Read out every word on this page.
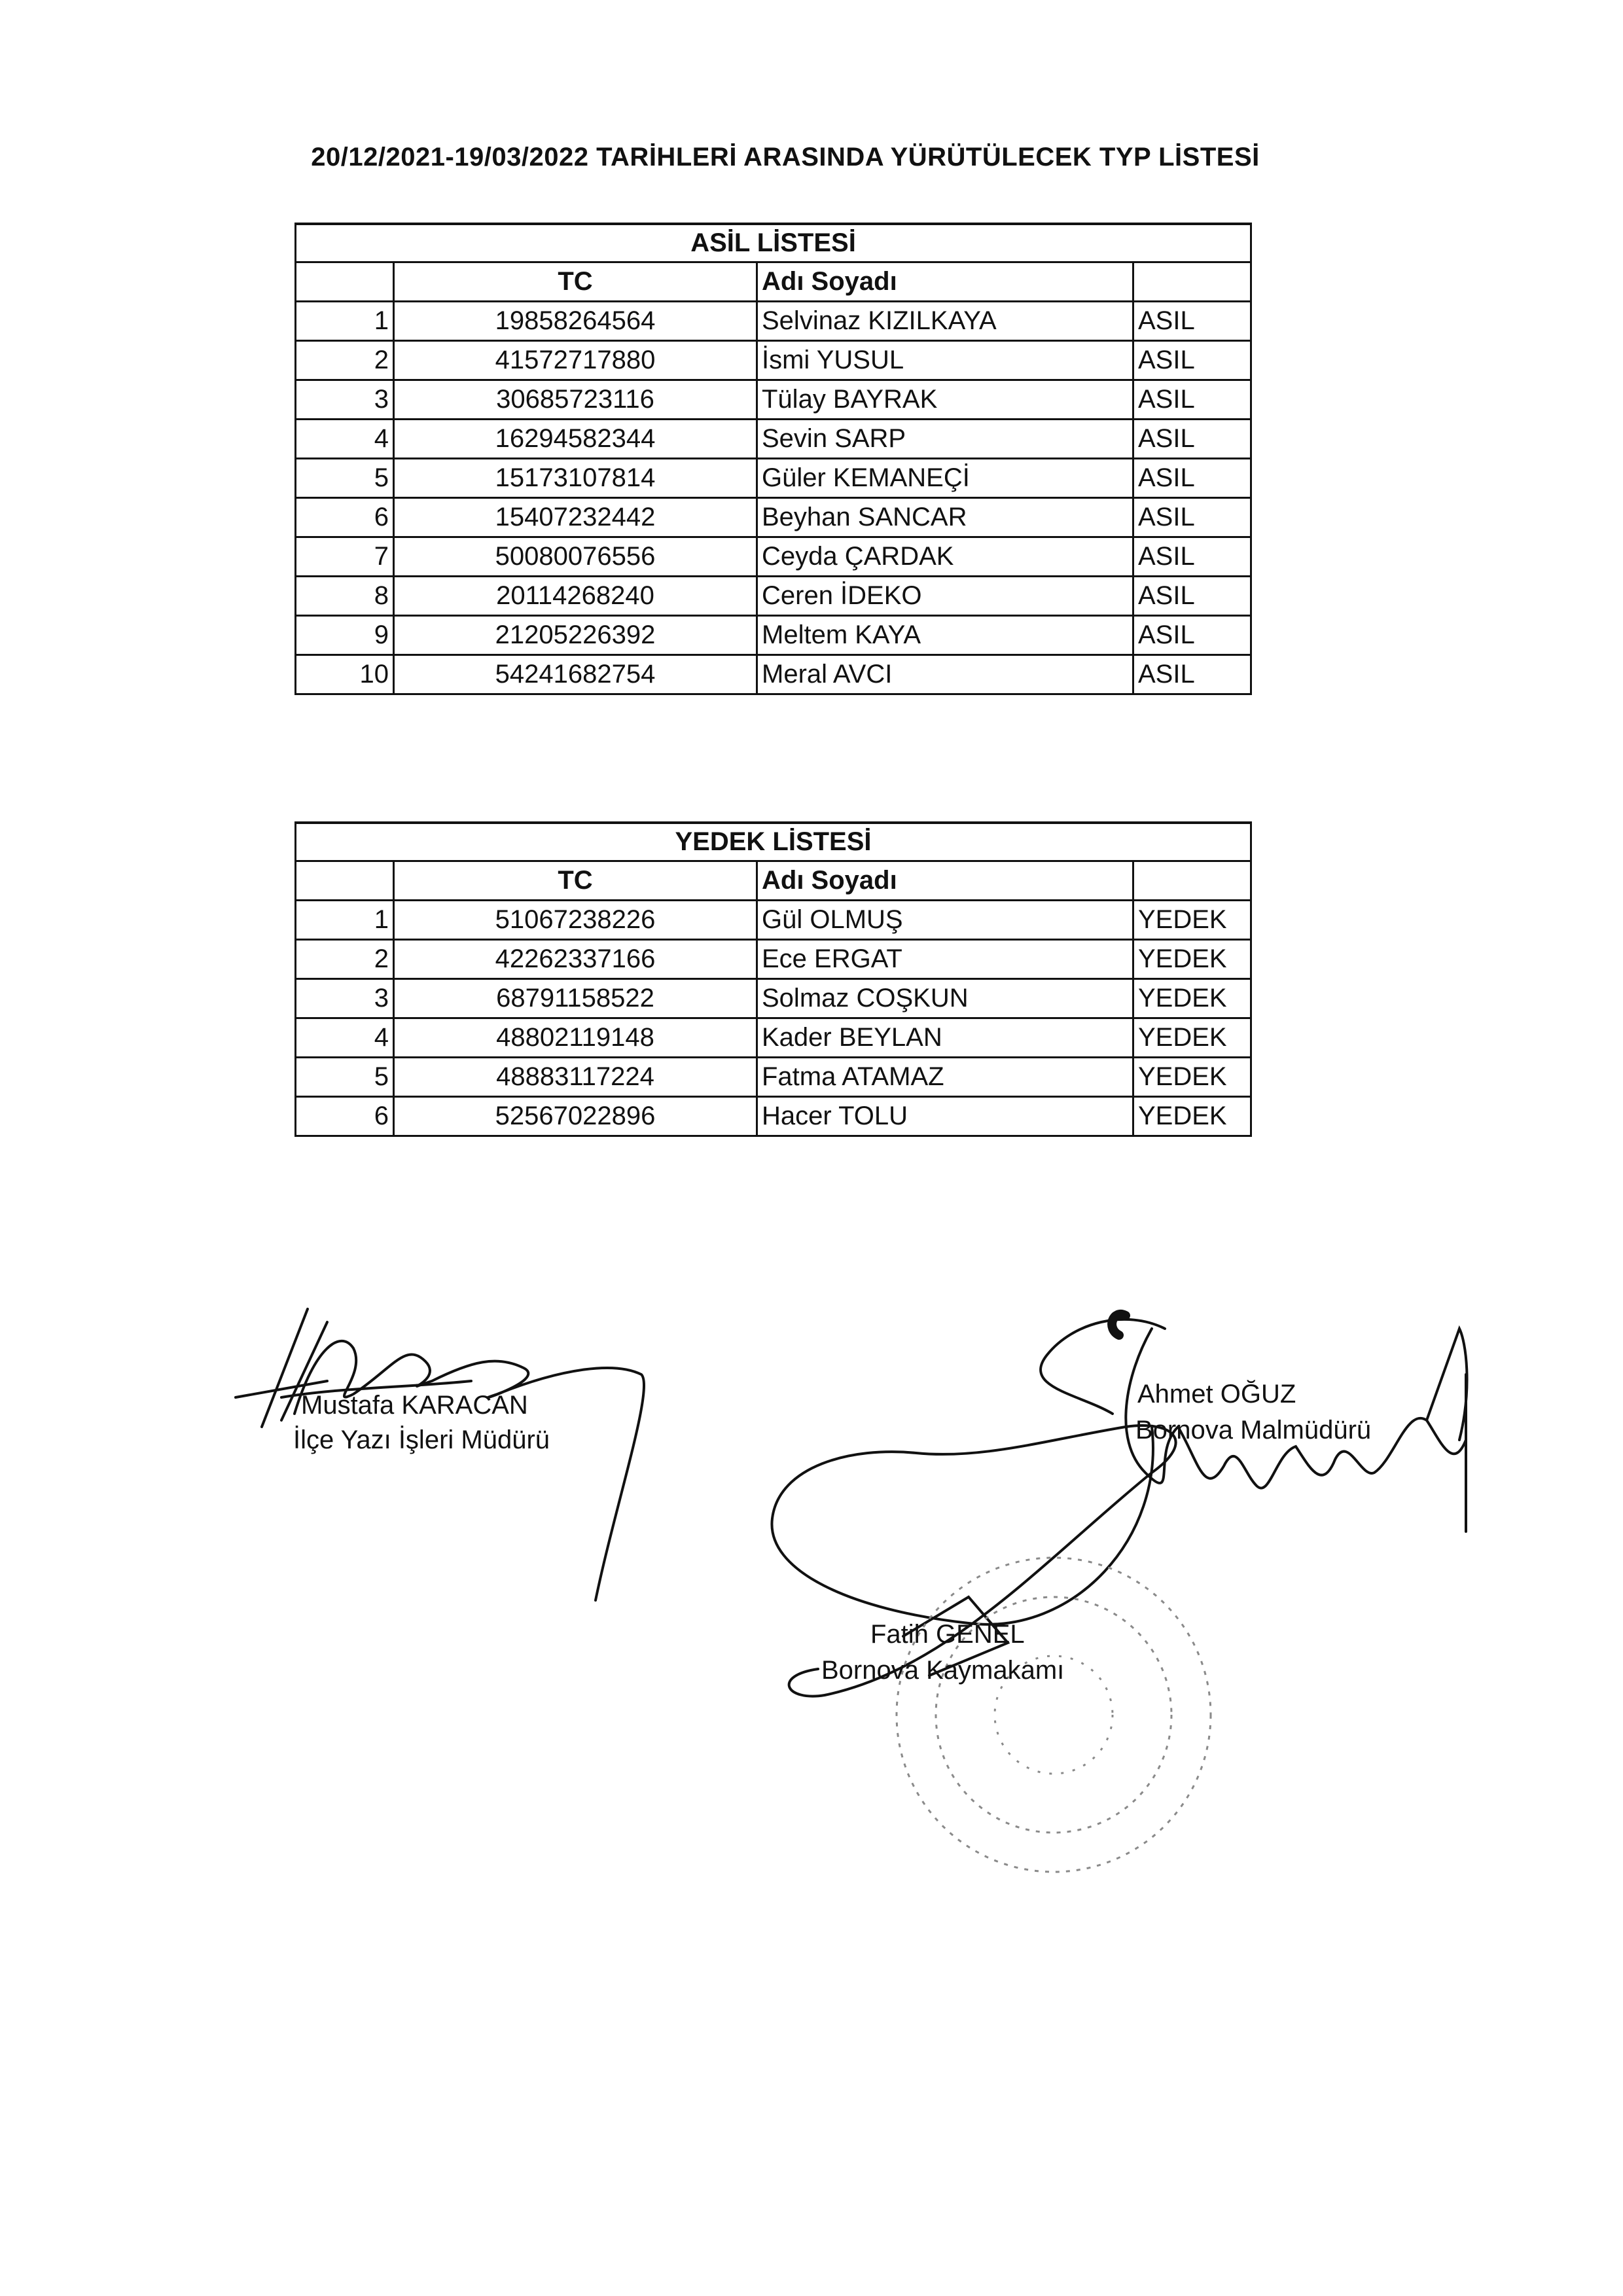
20/12/2021-19/03/2022 TARİHLERİ ARASINDA YÜRÜTÜLECEK TYP LİSTESİ
ASİL LİSTESİ			
	TC	Adı Soyadı	
1	19858264564	Selvinaz KIZILKAYA	ASIL
2	41572717880	İsmi YUSUL	ASIL
3	30685723116	Tülay BAYRAK	ASIL
4	16294582344	Sevin SARP	ASIL
5	15173107814	Güler KEMANEÇİ	ASIL
6	15407232442	Beyhan SANCAR	ASIL
7	50080076556	Ceyda ÇARDAK	ASIL
8	20114268240	Ceren İDEKO	ASIL
9	21205226392	Meltem KAYA	ASIL
10	54241682754	Meral AVCI	ASIL
YEDEK LİSTESİ			
	TC	Adı Soyadı	
1	51067238226	Gül OLMUŞ	YEDEK
2	42262337166	Ece ERGAT	YEDEK
3	68791158522	Solmaz COŞKUN	YEDEK
4	48802119148	Kader BEYLAN	YEDEK
5	48883117224	Fatma ATAMAZ	YEDEK
6	52567022896	Hacer TOLU	YEDEK
Mustafa KARACAN
İlçe Yazı İşleri Müdürü
Ahmet OĞUZ
Bornova Malmüdürü
Fatih GENEL
Bornova Kaymakamı
